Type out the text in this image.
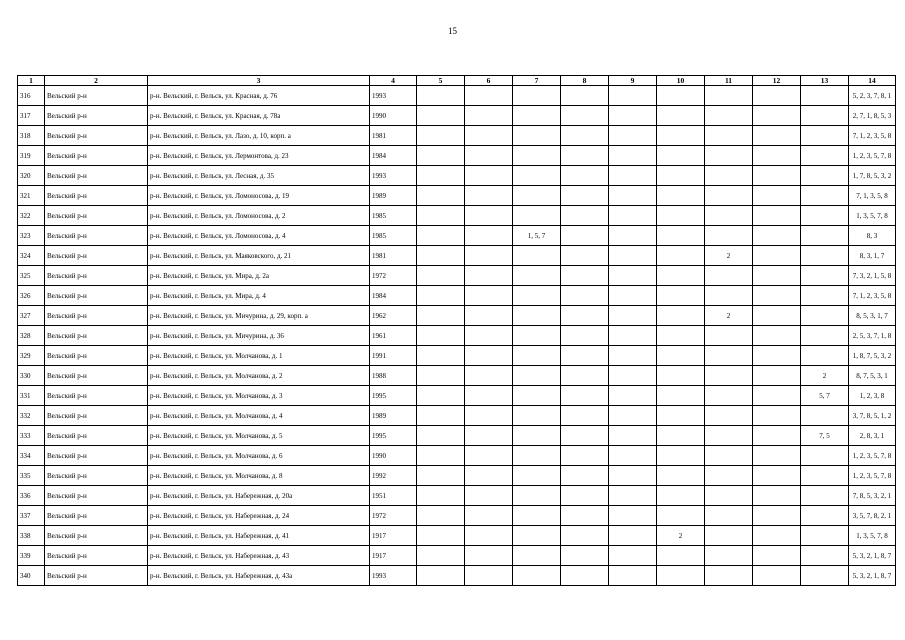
15
1	2	3	4	5	6	7	8	9	10	11	12	13	14
316	Вельский р-н	р-н. Вельский, г. Вельск, ул. Красная, д. 76	1993										5, 2, 3, 7, 8, 1
317	Вельский р-н	р-н. Вельский, г. Вельск, ул. Красная, д. 78а	1990										2, 7, 1, 8, 5, 3
318	Вельский р-н	р-н. Вельский, г. Вельск, ул. Лазо, д. 10, корп. а	1981										7, 1, 2, 3, 5, 8
319	Вельский р-н	р-н. Вельский, г. Вельск, ул. Лермонтова, д. 23	1984										1, 2, 3, 5, 7, 8
320	Вельский р-н	р-н. Вельский, г. Вельск, ул. Лесная, д. 35	1993										1, 7, 8, 5, 3, 2
321	Вельский р-н	р-н. Вельский, г. Вельск, ул. Ломоносова, д. 19	1989										7, 1, 3, 5, 8
322	Вельский р-н	р-н. Вельский, г. Вельск, ул. Ломоносова, д. 2	1985										1, 3, 5, 7, 8
323	Вельский р-н	р-н. Вельский, г. Вельск, ул. Ломоносова, д. 4	1985			1, 5, 7							8, 3
324	Вельский р-н	р-н. Вельский, г. Вельск, ул. Маяковского, д. 21	1981							2			8, 3, 1, 7
325	Вельский р-н	р-н. Вельский, г. Вельск, ул. Мира, д. 2а	1972										7, 3, 2, 1, 5, 8
326	Вельский р-н	р-н. Вельский, г. Вельск, ул. Мира, д. 4	1984										7, 1, 2, 3, 5, 8
327	Вельский р-н	р-н. Вельский, г. Вельск, ул. Мичурина, д. 29, корп. а	1962							2			8, 5, 3, 1, 7
328	Вельский р-н	р-н. Вельский, г. Вельск, ул. Мичурина, д. 36	1961										2, 5, 3, 7, 1, 8
329	Вельский р-н	р-н. Вельский, г. Вельск, ул. Молчанова, д. 1	1991										1, 8, 7, 5, 3, 2
330	Вельский р-н	р-н. Вельский, г. Вельск, ул. Молчанова, д. 2	1988									2	8, 7, 5, 3, 1
331	Вельский р-н	р-н. Вельский, г. Вельск, ул. Молчанова, д. 3	1995									5, 7	1, 2, 3, 8
332	Вельский р-н	р-н. Вельский, г. Вельск, ул. Молчанова, д. 4	1989										3, 7, 8, 5, 1, 2
333	Вельский р-н	р-н. Вельский, г. Вельск, ул. Молчанова, д. 5	1995									7, 5	2, 8, 3, 1
334	Вельский р-н	р-н. Вельский, г. Вельск, ул. Молчанова, д. 6	1990										1, 2, 3, 5, 7, 8
335	Вельский р-н	р-н. Вельский, г. Вельск, ул. Молчанова, д. 8	1992										1, 2, 3, 5, 7, 8
336	Вельский р-н	р-н. Вельский, г. Вельск, ул. Набережная, д. 20а	1951										7, 8, 5, 3, 2, 1
337	Вельский р-н	р-н. Вельский, г. Вельск, ул. Набережная, д. 24	1972										3, 5, 7, 8, 2, 1
338	Вельский р-н	р-н. Вельский, г. Вельск, ул. Набережная, д. 41	1917						2				1, 3, 5, 7, 8
339	Вельский р-н	р-н. Вельский, г. Вельск, ул. Набережная, д. 43	1917										5, 3, 2, 1, 8, 7
340	Вельский р-н	р-н. Вельский, г. Вельск, ул. Набережная, д. 43а	1993										5, 3, 2, 1, 8, 7
